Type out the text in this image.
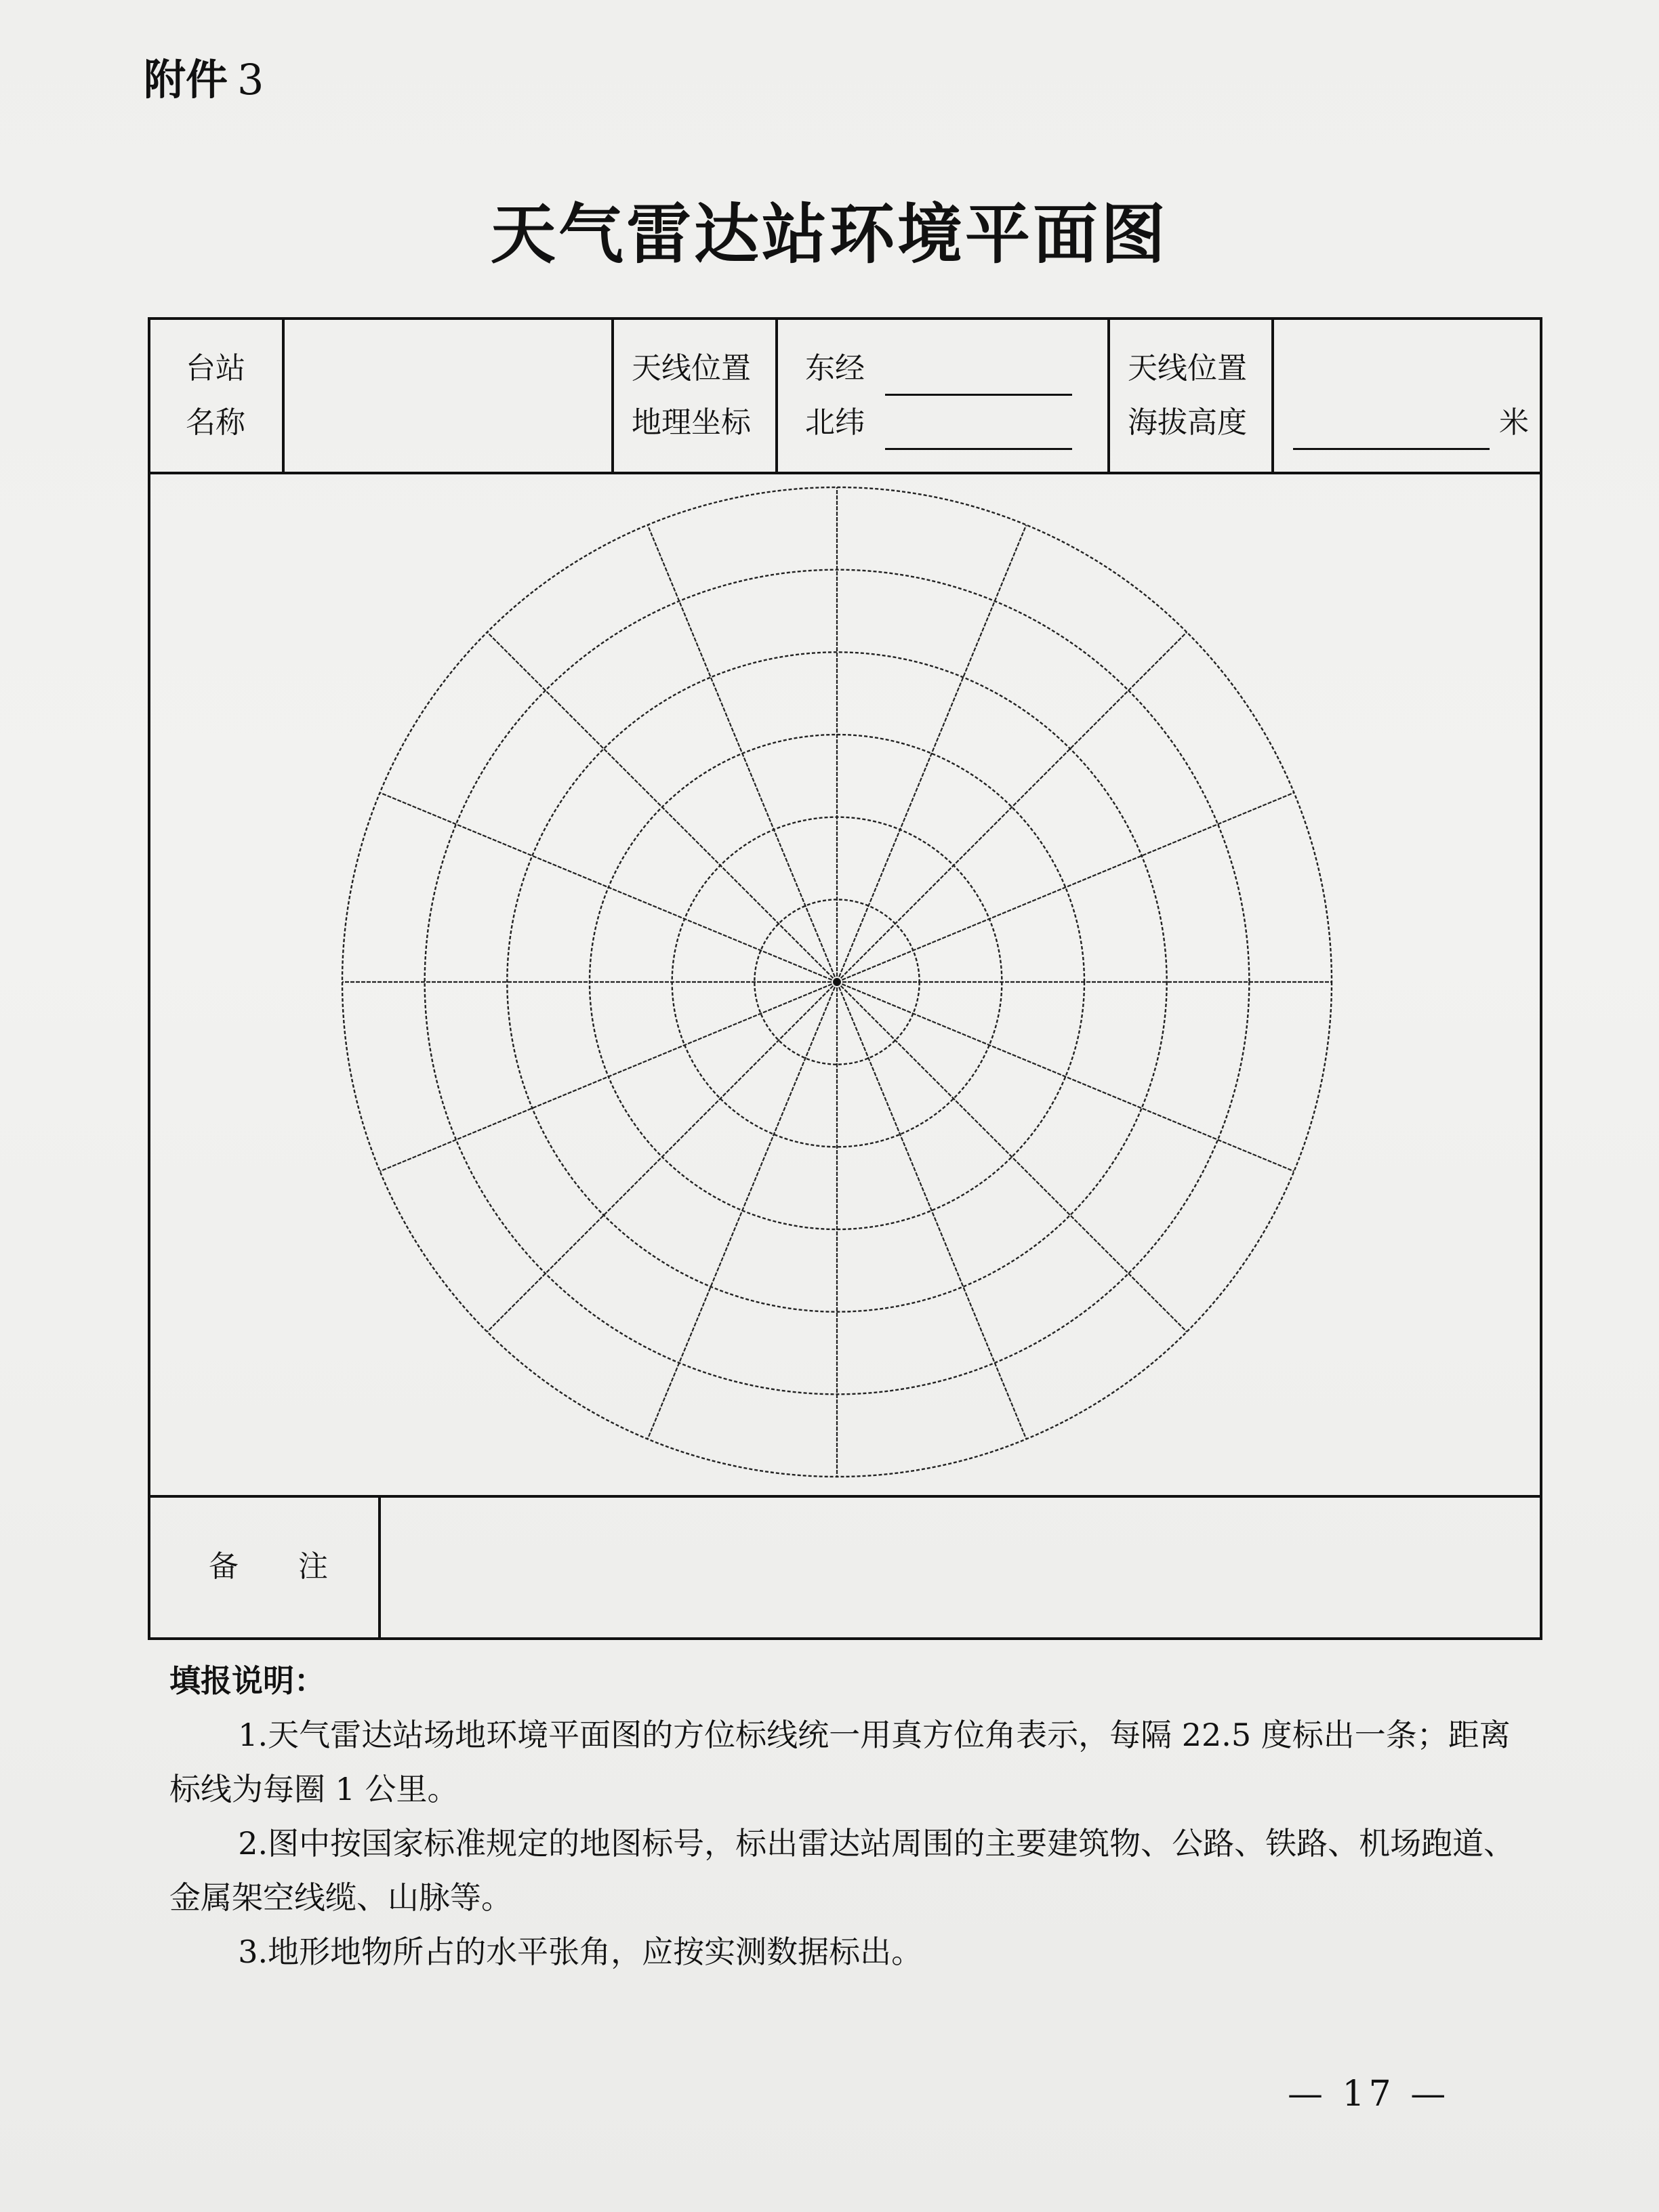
附件 3
天气雷达站环境平面图
台站
名称
天线位置
地理坐标
东经
北纬
天线位置
海拔高度	米
备　　注
填报说明：

1.天气雷达站场地环境平面图的方位标线统一用真方位角表示，每隔 22.5 度标出一条；距离标线为每圈 1 公里。

2.图中按国家标准规定的地图标号，标出雷达站周围的主要建筑物、公路、铁路、机场跑道、金属架空线缆、山脉等。

3.地形地物所占的水平张角，应按实测数据标出。

— 17 —
